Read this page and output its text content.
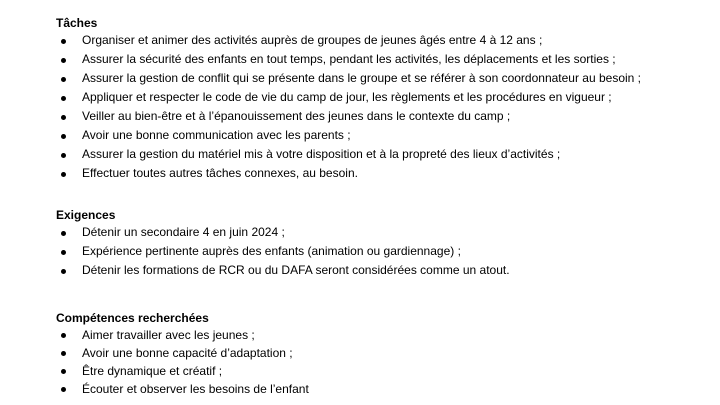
Tâches
Organiser et animer des activités auprès de groupes de jeunes âgés entre 4 à 12 ans ;
Assurer la sécurité des enfants en tout temps, pendant les activités, les déplacements et les sorties ;
Assurer la gestion de conflit qui se présente dans le groupe et se référer à son coordonnateur au besoin ;
Appliquer et respecter le code de vie du camp de jour, les règlements et les procédures en vigueur ;
Veiller au bien-être et à l’épanouissement des jeunes dans le contexte du camp ;
Avoir une bonne communication avec les parents ;
Assurer la gestion du matériel mis à votre disposition et à la propreté des lieux d’activités ;
Effectuer toutes autres tâches connexes, au besoin.
Exigences
Détenir un secondaire 4 en juin 2024 ;
Expérience pertinente auprès des enfants (animation ou gardiennage) ;
Détenir les formations de RCR ou du DAFA seront considérées comme un atout.
Compétences recherchées
Aimer travailler avec les jeunes ;
Avoir une bonne capacité d’adaptation ;
Être dynamique et créatif ;
Écouter et observer les besoins de l’enfant
